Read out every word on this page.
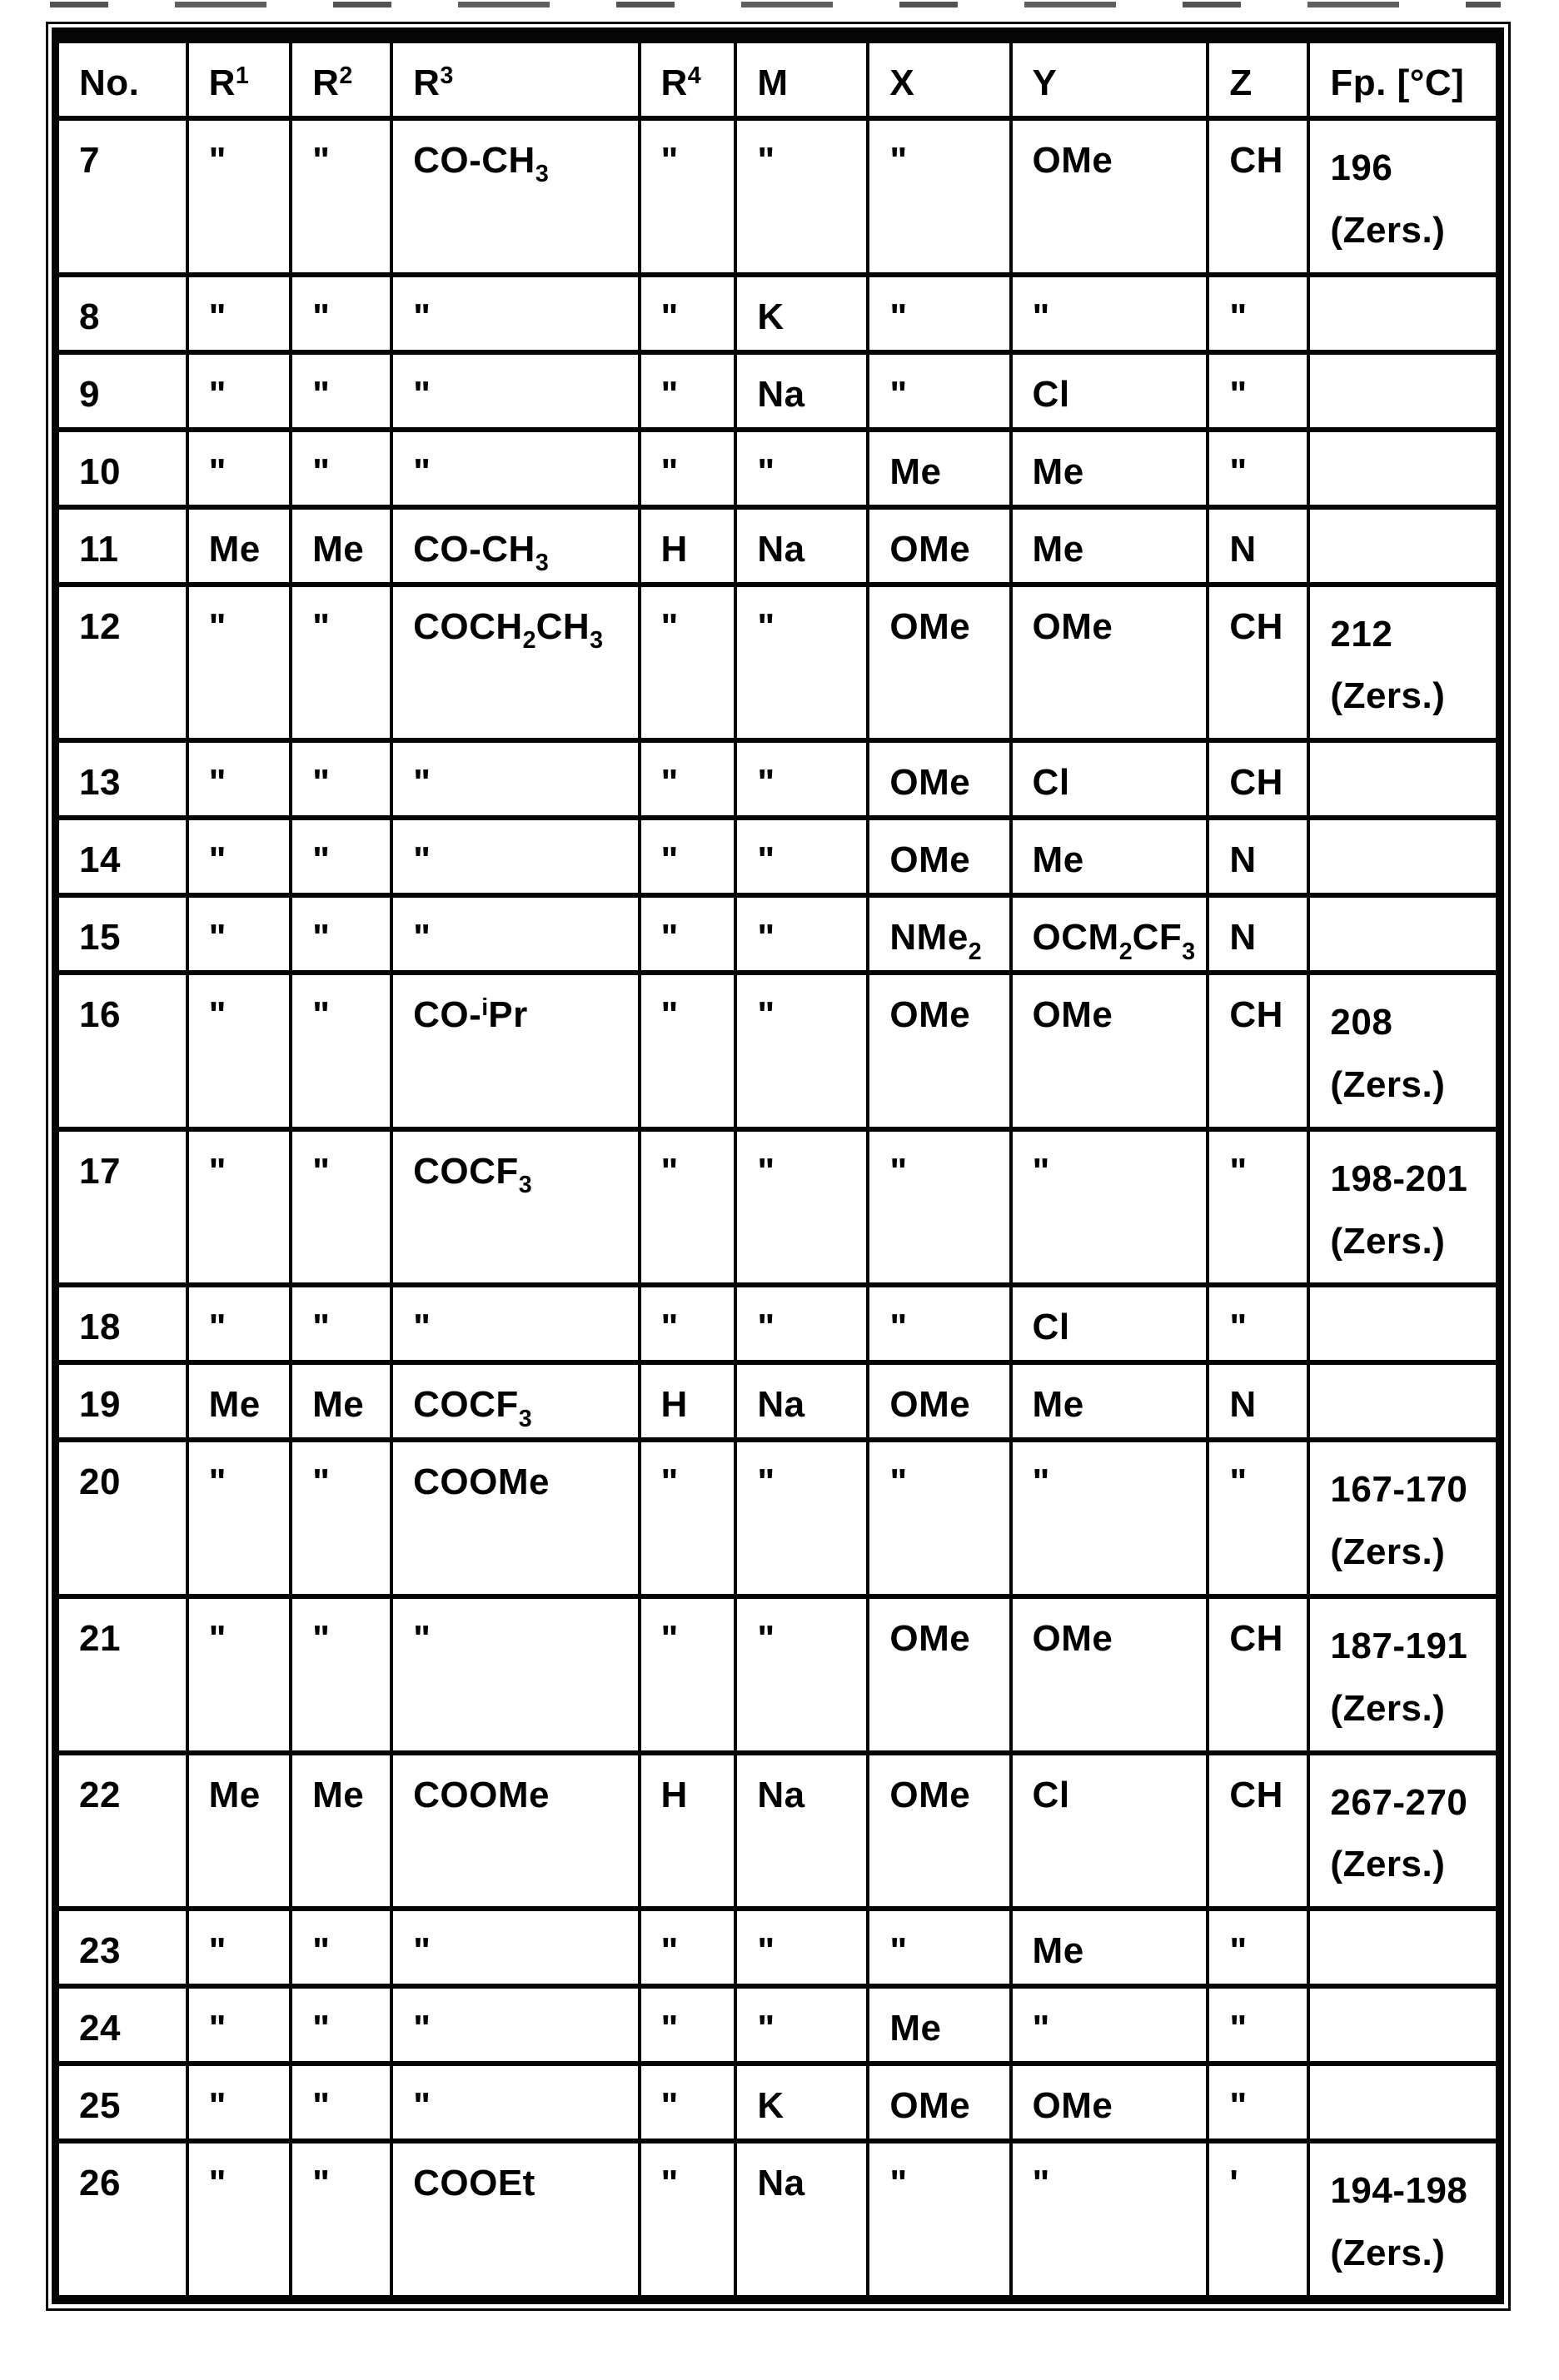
No.	$R^1$	$R^2$	$R^3$	$R^4$	M	X	Y	Z	Fp. [°C]
7	"	"	$CO-CH_3$	"	"	"	OMe	CH	196
(Zers.)
8	"	"	"	"	K	"	"	"	
9	"	"	"	"	Na	"	Cl	"	
10	"	"	"	"	"	Me	Me	"	
11	Me	Me	$CO-CH_3$	H	Na	OMe	Me	N	
12	"	"	$COCH_2CH_3$	"	"	OMe	OMe	CH	212
(Zers.)
13	"	"	"	"	"	OMe	Cl	CH	
14	"	"	"	"	"	OMe	Me	N	
15	"	"	"	"	"	NMe$_2$	$OCM_2CF_3$	N	
16	"	"	CO-$^i$Pr	"	"	OMe	OMe	CH	208
(Zers.)
17	"	"	$COCF_3$	"	"	"	"	"	198-201
(Zers.)
18	"	"	"	"	"	"	Cl	"	
19	Me	Me	$COCF_3$	H	Na	OMe	Me	N	
20	"	"	COOMe	"	"	"	"	"	167-170
(Zers.)
21	"	"	"	"	"	OMe	OMe	CH	187-191
(Zers.)
22	Me	Me	COOMe	H	Na	OMe	Cl	CH	267-270
(Zers.)
23	"	"	"	"	"	"	Me	"	
24	"	"	"	"	"	Me	"	"	
25	"	"	"	"	K	OMe	OMe	"	
26	"	"	COOEt	"	Na	"	"	'	194-198
(Zers.)
